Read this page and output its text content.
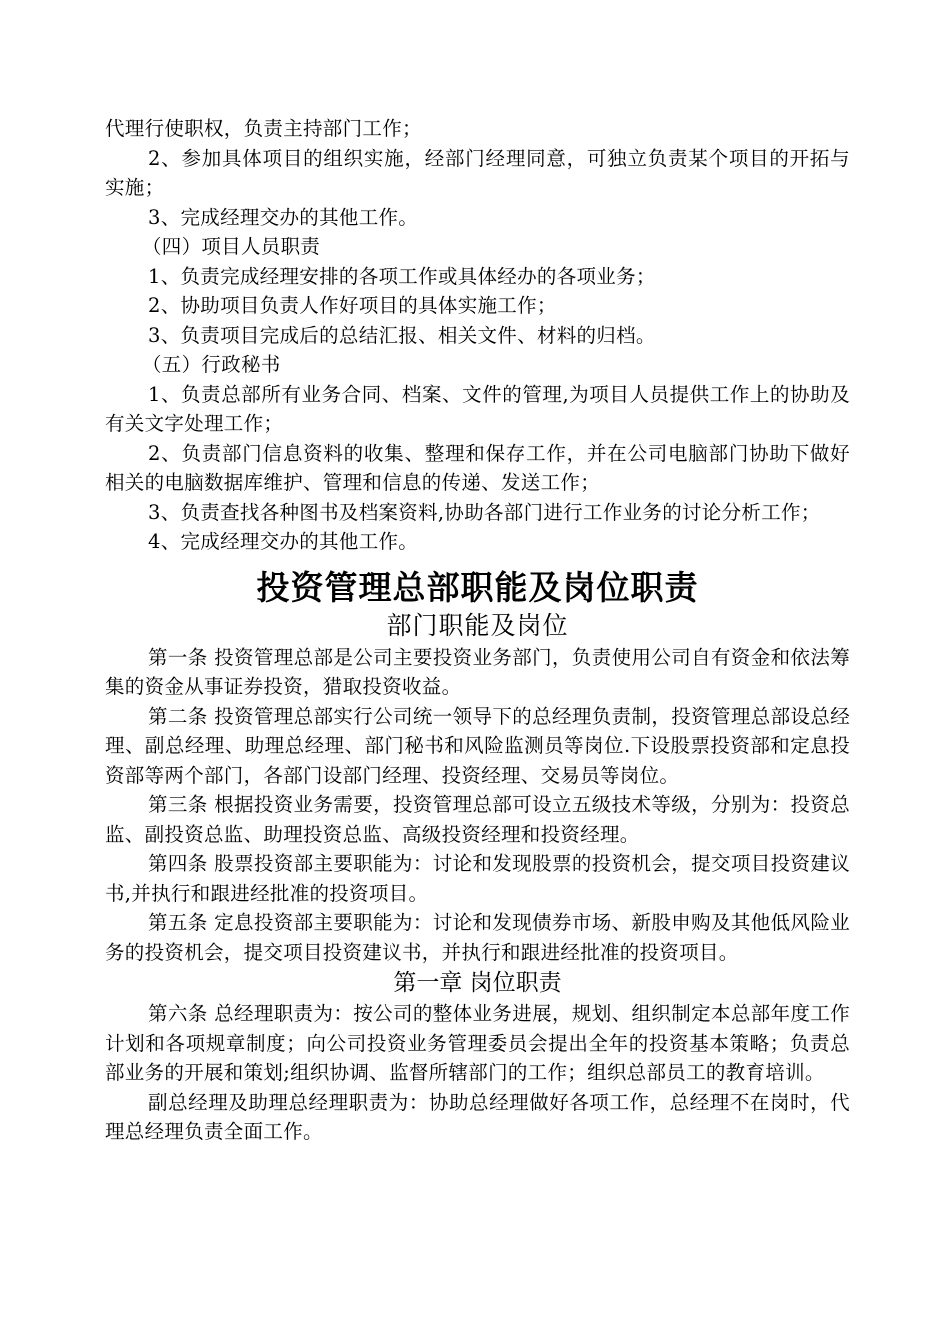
代理行使职权，负责主持部门工作；

2、参加具体项目的组织实施，经部门经理同意，可独立负责某个项目的开拓与实施；

3、完成经理交办的其他工作。

（四）项目人员职责

1、负责完成经理安排的各项工作或具体经办的各项业务；

2、协助项目负责人作好项目的具体实施工作；

3、负责项目完成后的总结汇报、相关文件、材料的归档。

（五）行政秘书

1、负责总部所有业务合同、档案、文件的管理,为项目人员提供工作上的协助及有关文字处理工作；

2、负责部门信息资料的收集、整理和保存工作，并在公司电脑部门协助下做好相关的电脑数据库维护、管理和信息的传递、发送工作；

3、负责查找各种图书及档案资料,协助各部门进行工作业务的讨论分析工作；

4、完成经理交办的其他工作。

投资管理总部职能及岗位职责
部门职能及岗位

第一条 投资管理总部是公司主要投资业务部门，负责使用公司自有资金和依法筹集的资金从事证券投资，猎取投资收益。

第二条 投资管理总部实行公司统一领导下的总经理负责制，投资管理总部设总经理、副总经理、助理总经理、部门秘书和风险监测员等岗位.下设股票投资部和定息投资部等两个部门，各部门设部门经理、投资经理、交易员等岗位。

第三条 根据投资业务需要，投资管理总部可设立五级技术等级，分别为：投资总监、副投资总监、助理投资总监、高级投资经理和投资经理。

第四条 股票投资部主要职能为：讨论和发现股票的投资机会，提交项目投资建议书,并执行和跟进经批准的投资项目。

第五条 定息投资部主要职能为：讨论和发现债券市场、新股申购及其他低风险业务的投资机会，提交项目投资建议书，并执行和跟进经批准的投资项目。

第一章 岗位职责

第六条 总经理职责为：按公司的整体业务进展，规划、组织制定本总部年度工作计划和各项规章制度；向公司投资业务管理委员会提出全年的投资基本策略；负责总部业务的开展和策划;组织协调、监督所辖部门的工作；组织总部员工的教育培训。

副总经理及助理总经理职责为：协助总经理做好各项工作，总经理不在岗时，代理总经理负责全面工作。
